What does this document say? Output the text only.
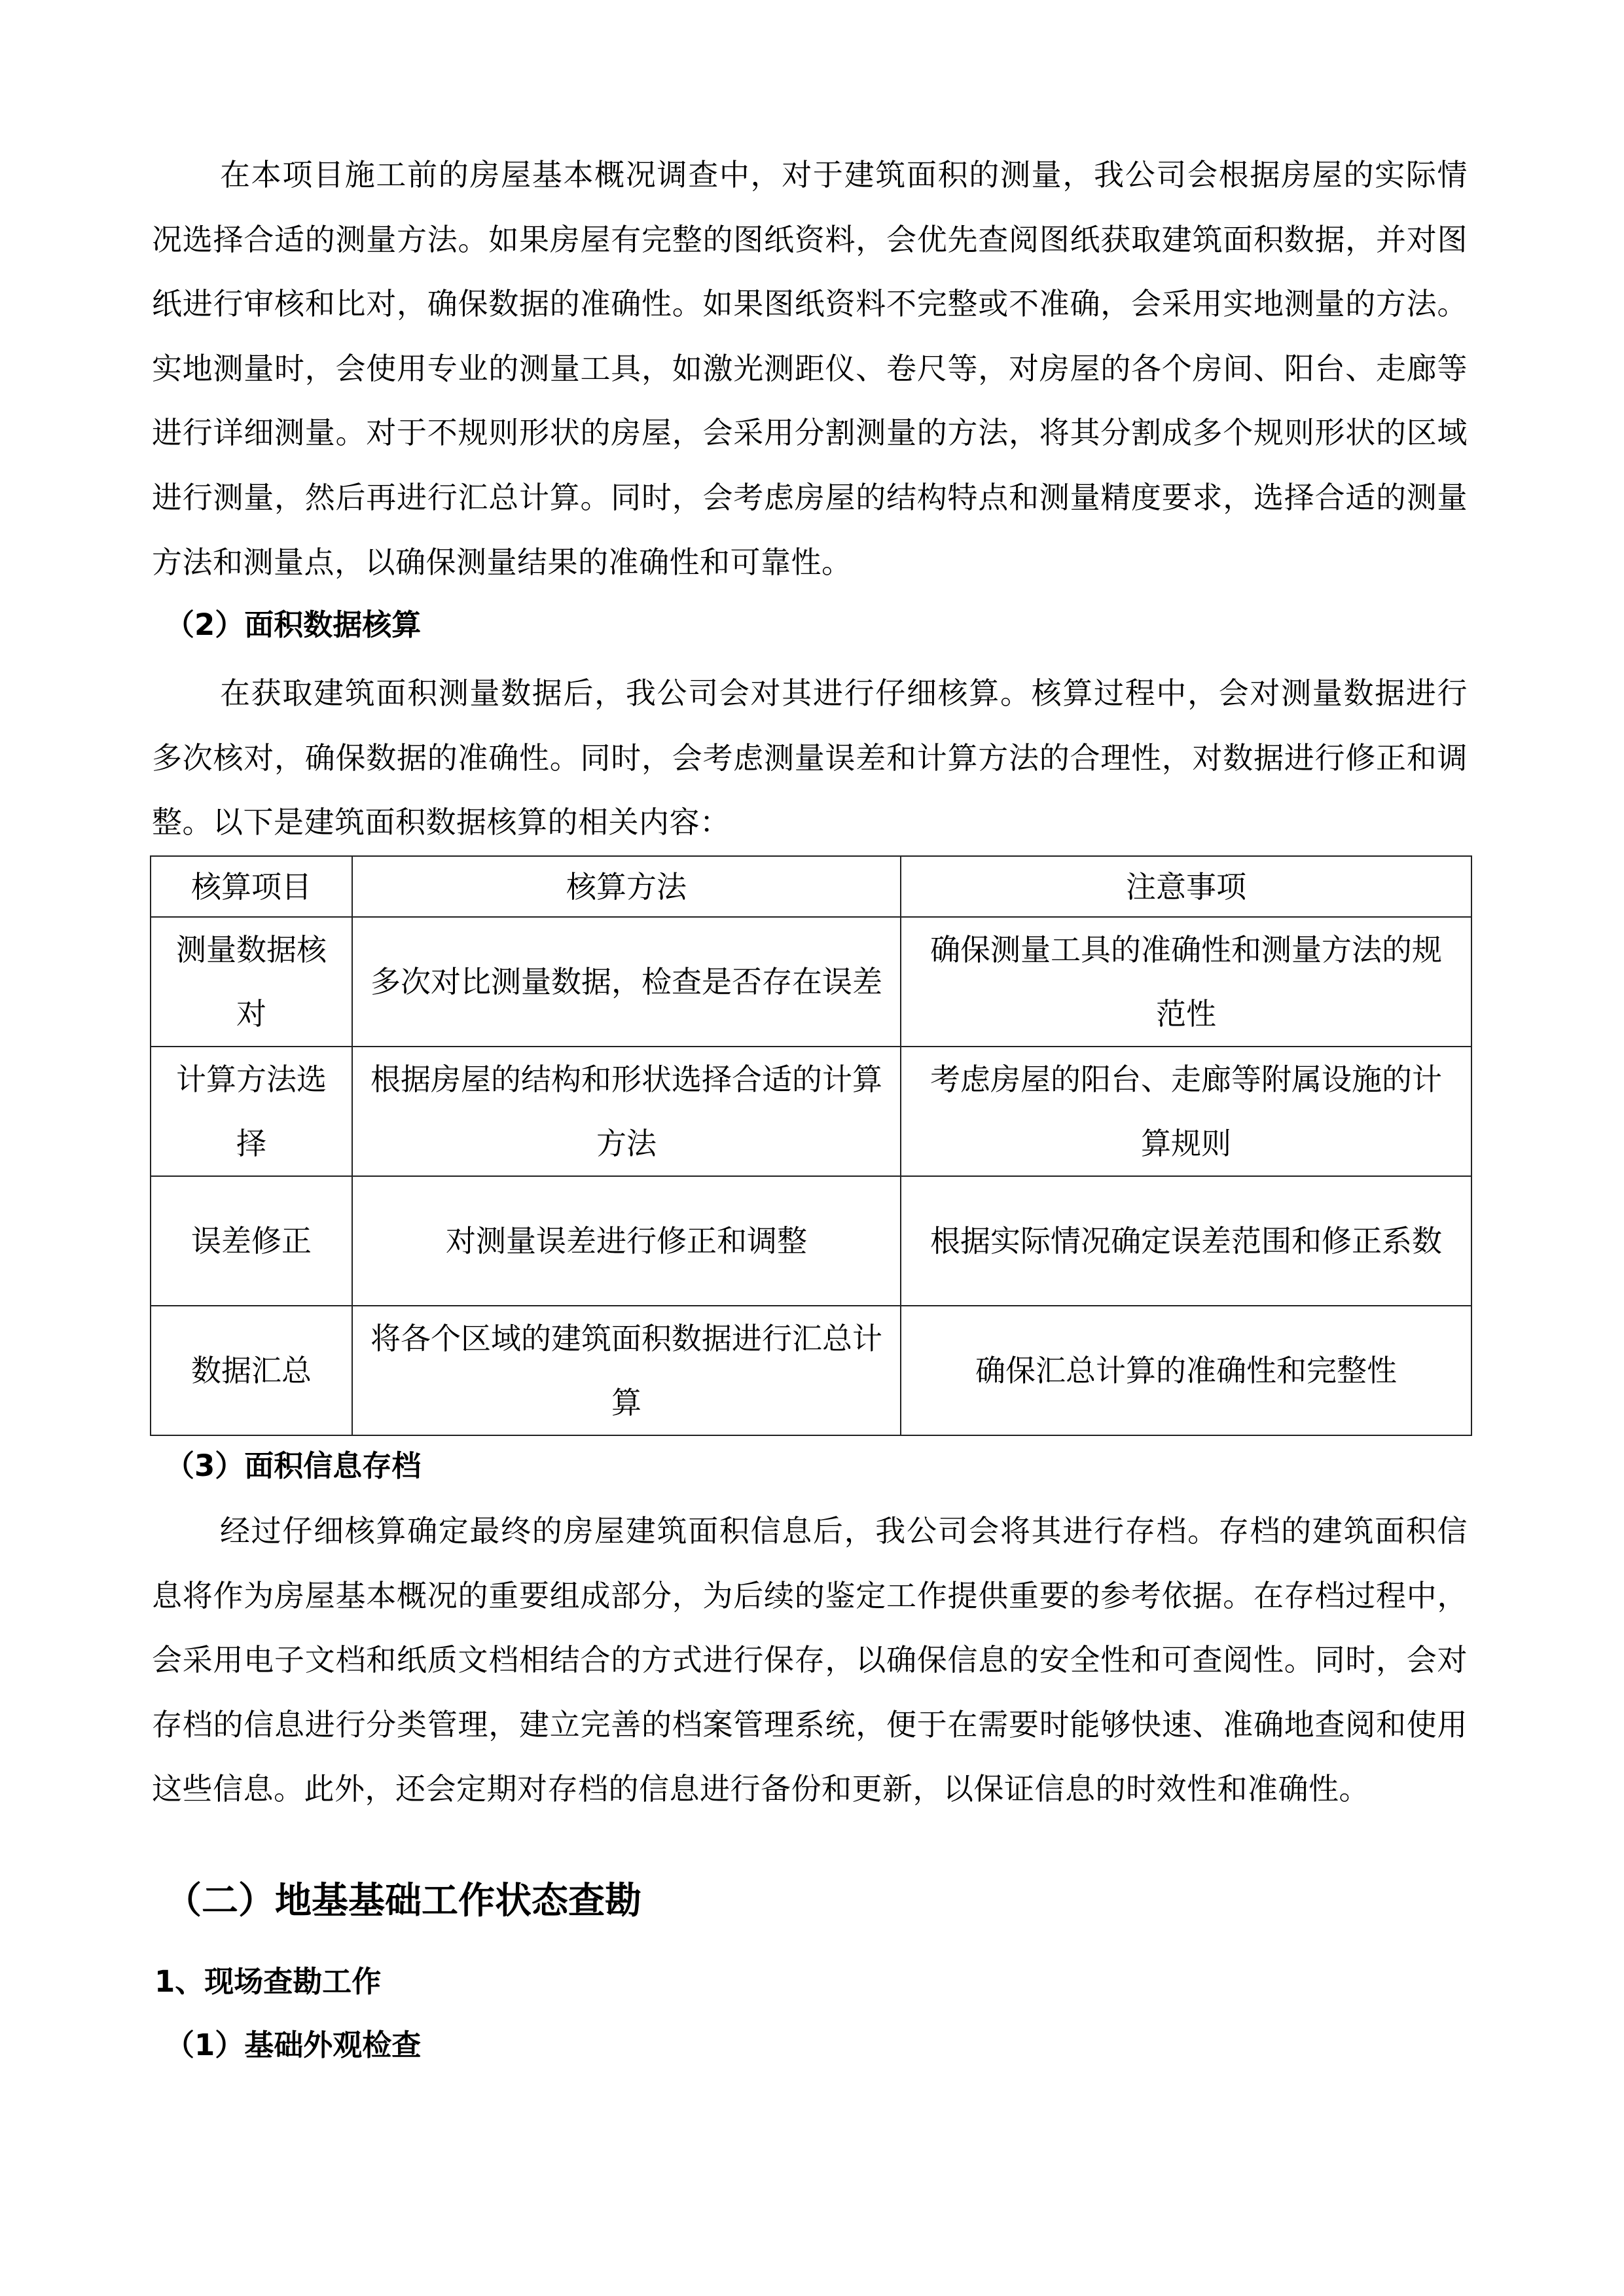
在本项目施工前的房屋基本概况调查中，对于建筑面积的测量，我公司会根据房屋的实际情况选择合适的测量方法。如果房屋有完整的图纸资料，会优先查阅图纸获取建筑面积数据，并对图纸进行审核和比对，确保数据的准确性。如果图纸资料不完整或不准确，会采用实地测量的方法。实地测量时，会使用专业的测量工具，如激光测距仪、卷尺等，对房屋的各个房间、阳台、走廊等进行详细测量。对于不规则形状的房屋，会采用分割测量的方法，将其分割成多个规则形状的区域进行测量，然后再进行汇总计算。同时，会考虑房屋的结构特点和测量精度要求，选择合适的测量方法和测量点，以确保测量结果的准确性和可靠性。

（2）面积数据核算

在获取建筑面积测量数据后，我公司会对其进行仔细核算。核算过程中，会对测量数据进行多次核对，确保数据的准确性。同时，会考虑测量误差和计算方法的合理性，对数据进行修正和调整。以下是建筑面积数据核算的相关内容：

核算项目	核算方法	注意事项
测量数据核对	多次对比测量数据，检查是否存在误差	确保测量工具的准确性和测量方法的规范性
计算方法选择	根据房屋的结构和形状选择合适的计算方法	考虑房屋的阳台、走廊等附属设施的计算规则
误差修正	对测量误差进行修正和调整	根据实际情况确定误差范围和修正系数
数据汇总	将各个区域的建筑面积数据进行汇总计算	确保汇总计算的准确性和完整性
（3）面积信息存档

经过仔细核算确定最终的房屋建筑面积信息后，我公司会将其进行存档。存档的建筑面积信息将作为房屋基本概况的重要组成部分，为后续的鉴定工作提供重要的参考依据。在存档过程中，会采用电子文档和纸质文档相结合的方式进行保存，以确保信息的安全性和可查阅性。同时，会对存档的信息进行分类管理，建立完善的档案管理系统，便于在需要时能够快速、准确地查阅和使用这些信息。此外，还会定期对存档的信息进行备份和更新，以保证信息的时效性和准确性。

（二）地基基础工作状态查勘
1、现场查勘工作
（1）基础外观检查
